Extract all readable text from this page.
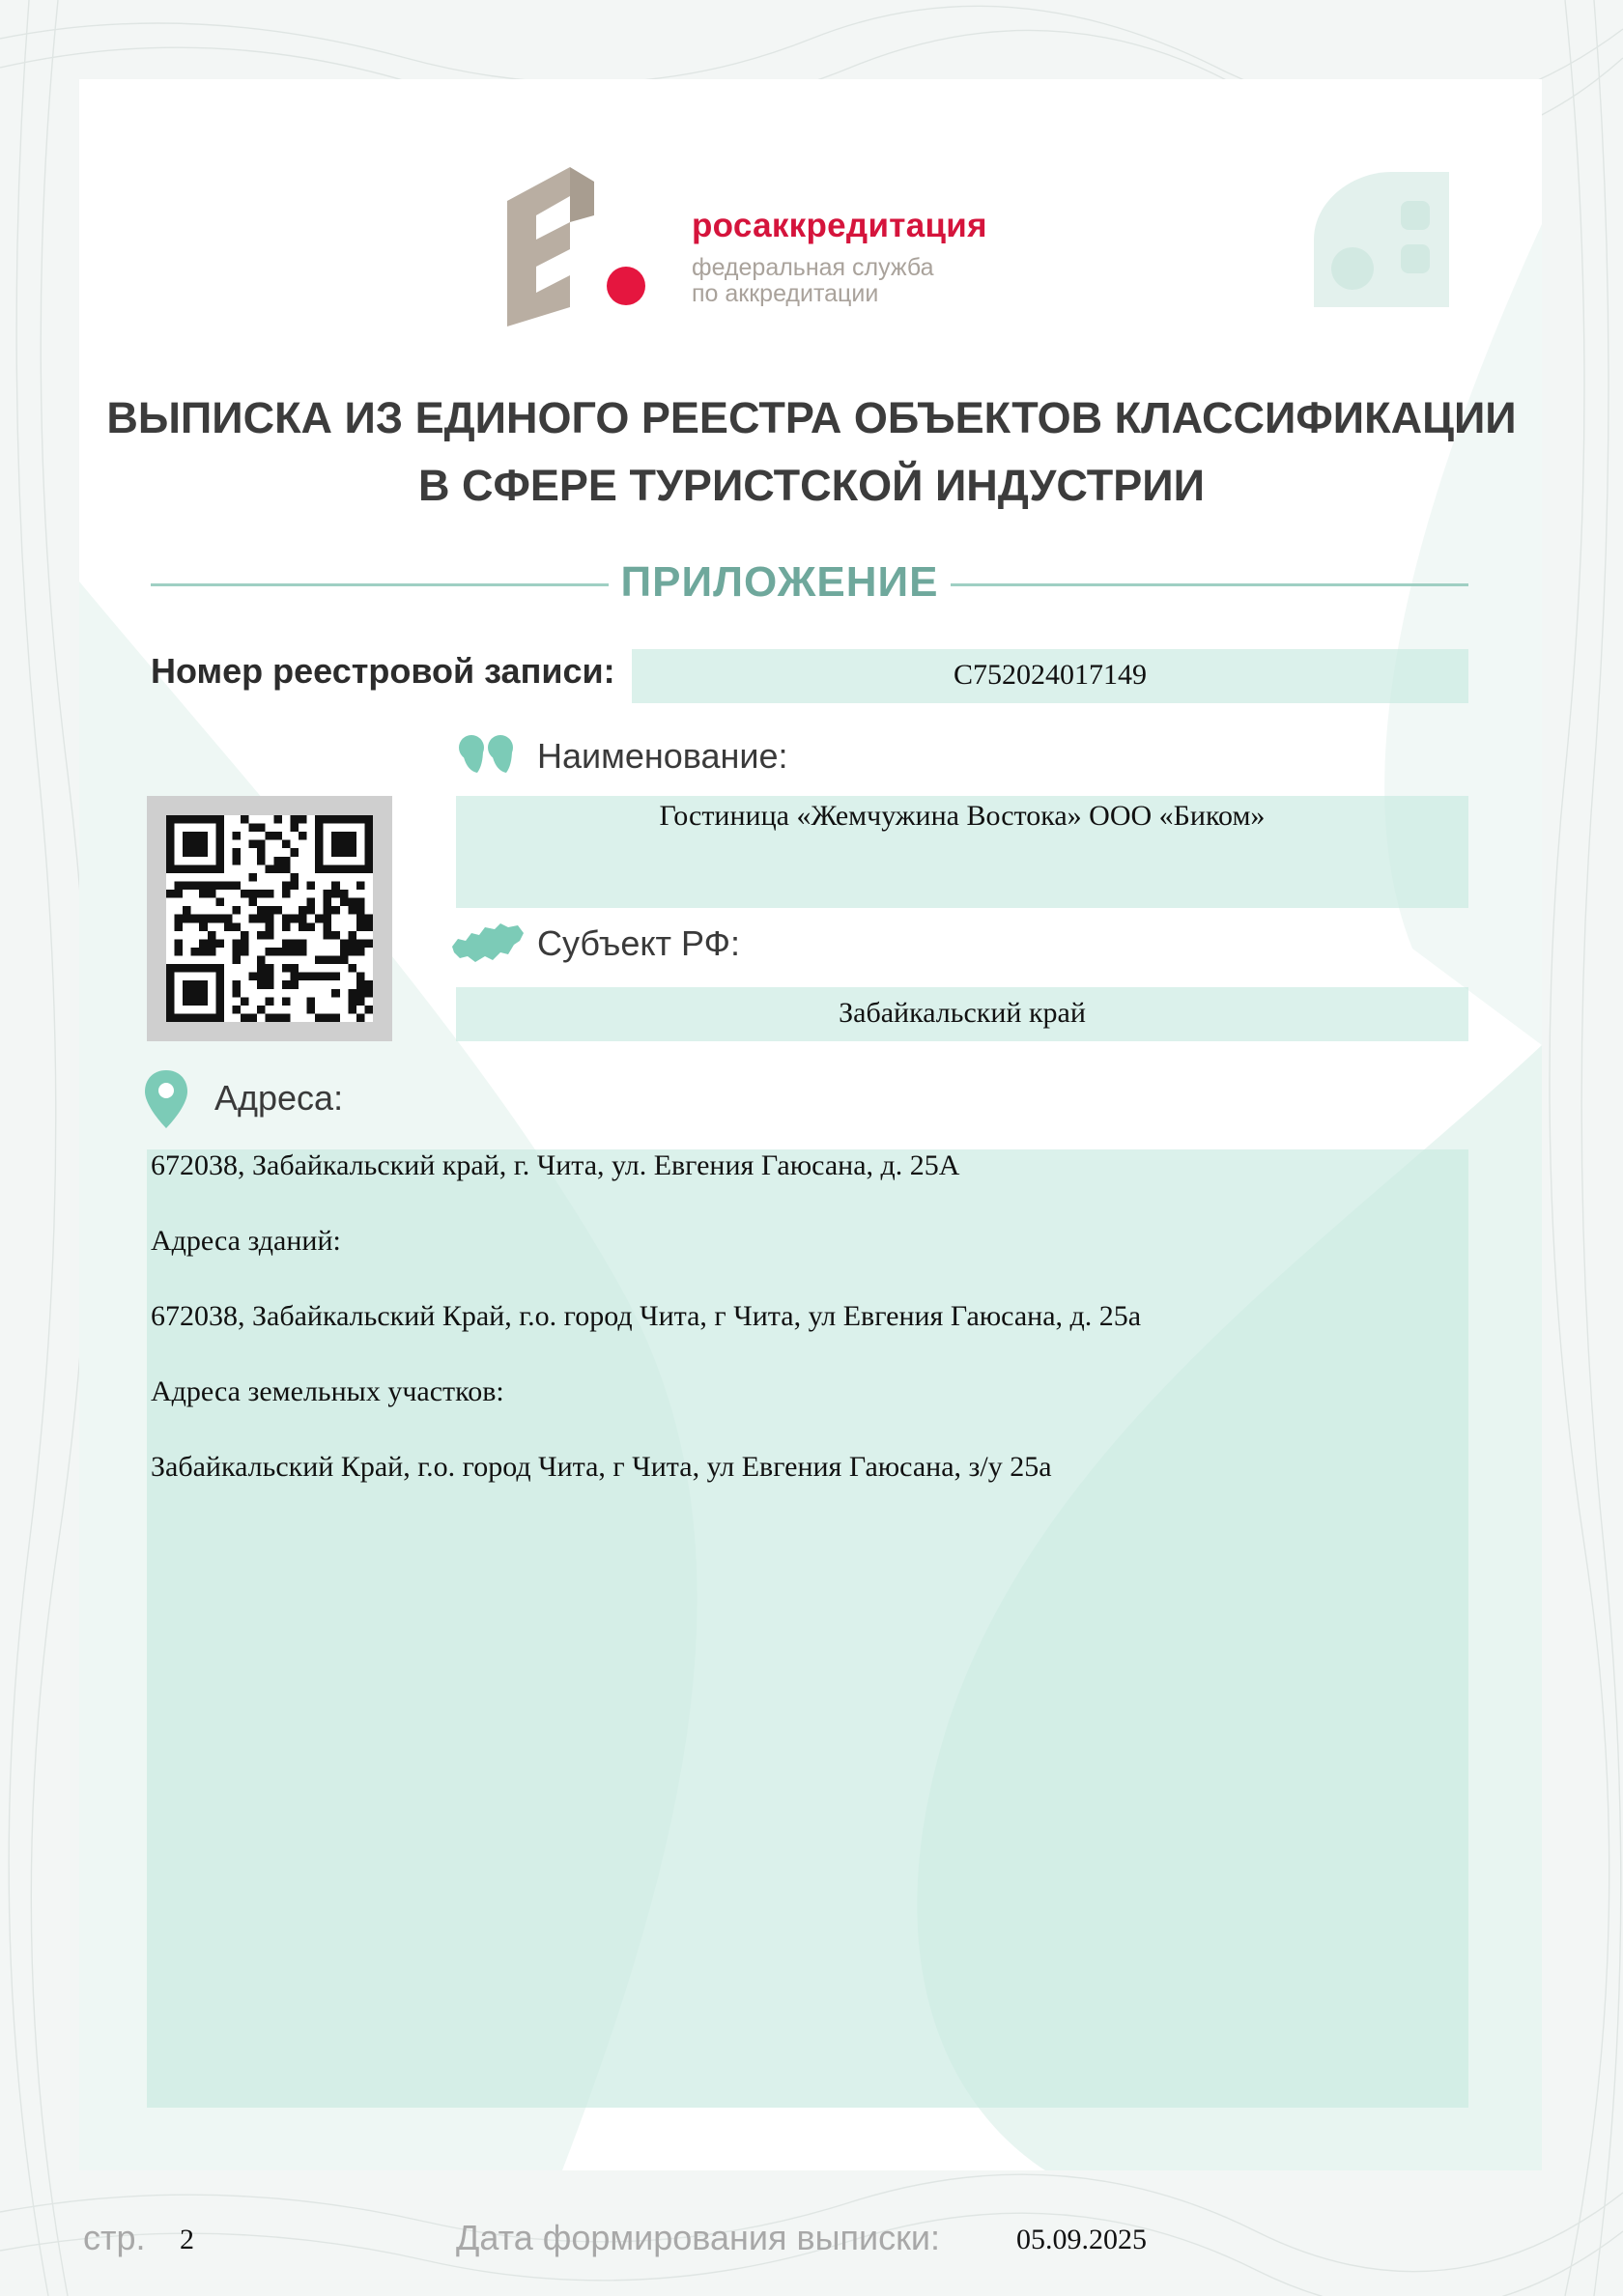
росаккредитация
федеральная служба
по аккредитации
ВЫПИСКА ИЗ ЕДИНОГО РЕЕСТРА ОБЪЕКТОВ КЛАССИФИКАЦИИ
В СФЕРЕ ТУРИСТСКОЙ ИНДУСТРИИ
ПРИЛОЖЕНИЕ
Номер реестровой записи:	С752024017149
Наименование:
Гостиница «Жемчужина Востока» ООО «Биком»
Субъект РФ:
Забайкальский край
Адреса:
672038, Забайкальский край, г. Чита, ул. Евгения Гаюсана, д. 25А
Адреса зданий:
672038, Забайкальский Край, г.о. город Чита, г Чита, ул Евгения Гаюсана, д. 25а
Адреса земельных участков:
Забайкальский Край, г.о. город Чита, г Чита, ул Евгения Гаюсана, з/у 25а
стр. 2	Дата формирования выписки:	05.09.2025
